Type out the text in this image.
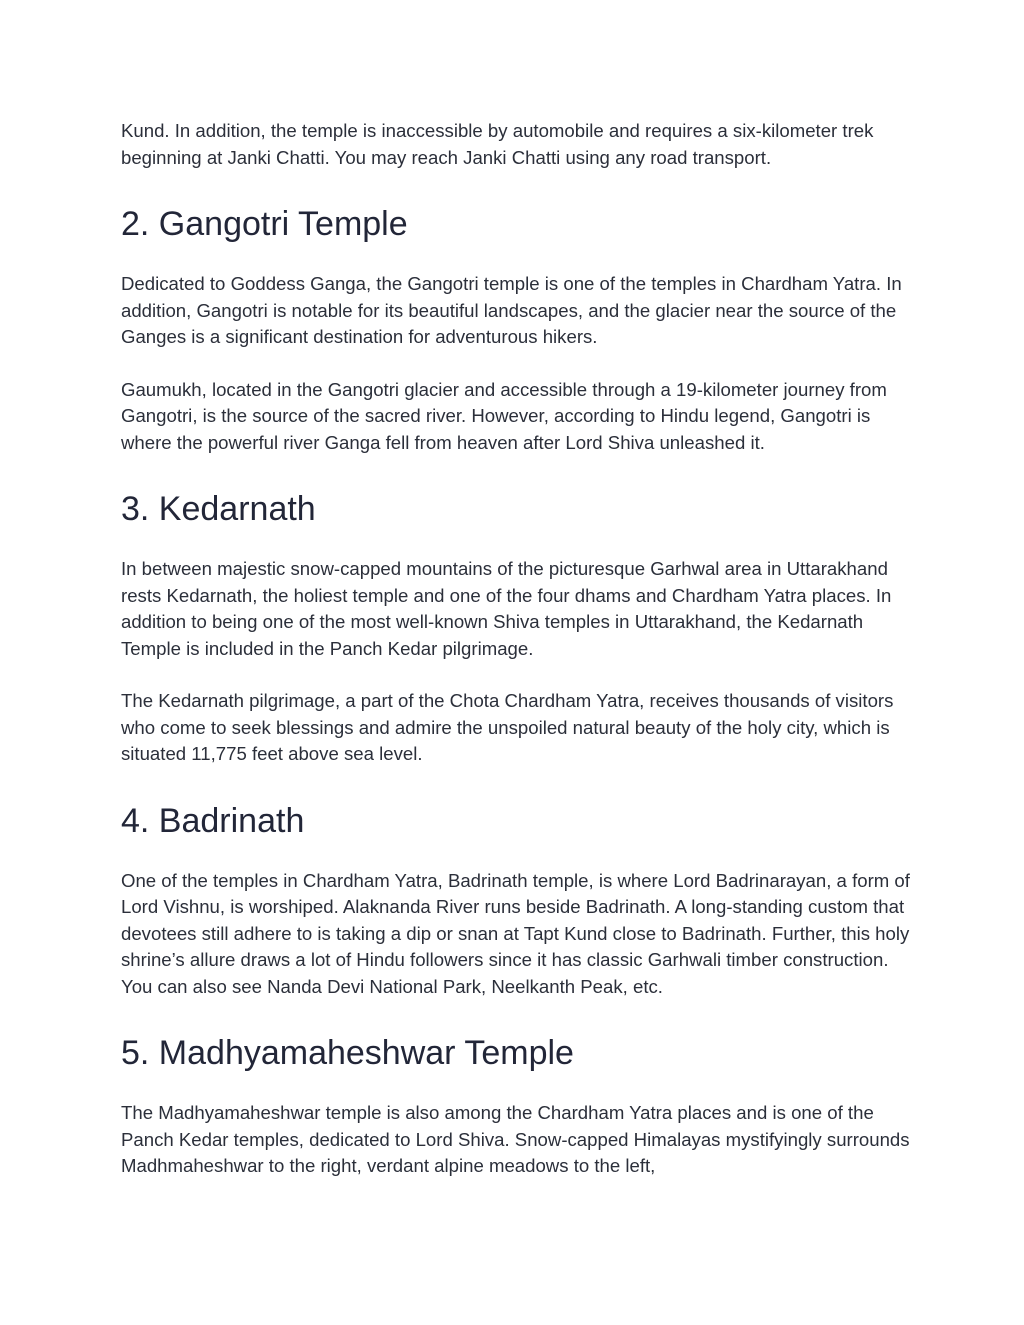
Kund. In addition, the temple is inaccessible by automobile and requires a six-kilometer trek beginning at Janki Chatti. You may reach Janki Chatti using any road transport.

2. Gangotri Temple

Dedicated to Goddess Ganga, the Gangotri temple is one of the temples in Chardham Yatra. In addition, Gangotri is notable for its beautiful landscapes, and the glacier near the source of the Ganges is a significant destination for adventurous hikers.

Gaumukh, located in the Gangotri glacier and accessible through a 19-kilometer journey from Gangotri, is the source of the sacred river. However, according to Hindu legend, Gangotri is where the powerful river Ganga fell from heaven after Lord Shiva unleashed it.

3. Kedarnath

In between majestic snow-capped mountains of the picturesque Garhwal area in Uttarakhand rests Kedarnath, the holiest temple and one of the four dhams and Chardham Yatra places. In addition to being one of the most well-known Shiva temples in Uttarakhand, the Kedarnath Temple is included in the Panch Kedar pilgrimage.

The Kedarnath pilgrimage, a part of the Chota Chardham Yatra, receives thousands of visitors who come to seek blessings and admire the unspoiled natural beauty of the holy city, which is situated 11,775 feet above sea level.

4. Badrinath

One of the temples in Chardham Yatra, Badrinath temple, is where Lord Badrinarayan, a form of Lord Vishnu, is worshiped. Alaknanda River runs beside Badrinath. A long-standing custom that devotees still adhere to is taking a dip or snan at Tapt Kund close to Badrinath. Further, this holy shrine’s allure draws a lot of Hindu followers since it has classic Garhwali timber construction. You can also see Nanda Devi National Park, Neelkanth Peak, etc.

5. Madhyamaheshwar Temple

The Madhyamaheshwar temple is also among the Chardham Yatra places and is one of the Panch Kedar temples, dedicated to Lord Shiva. Snow-capped Himalayas mystifyingly surrounds Madhmaheshwar to the right, verdant alpine meadows to the left,
